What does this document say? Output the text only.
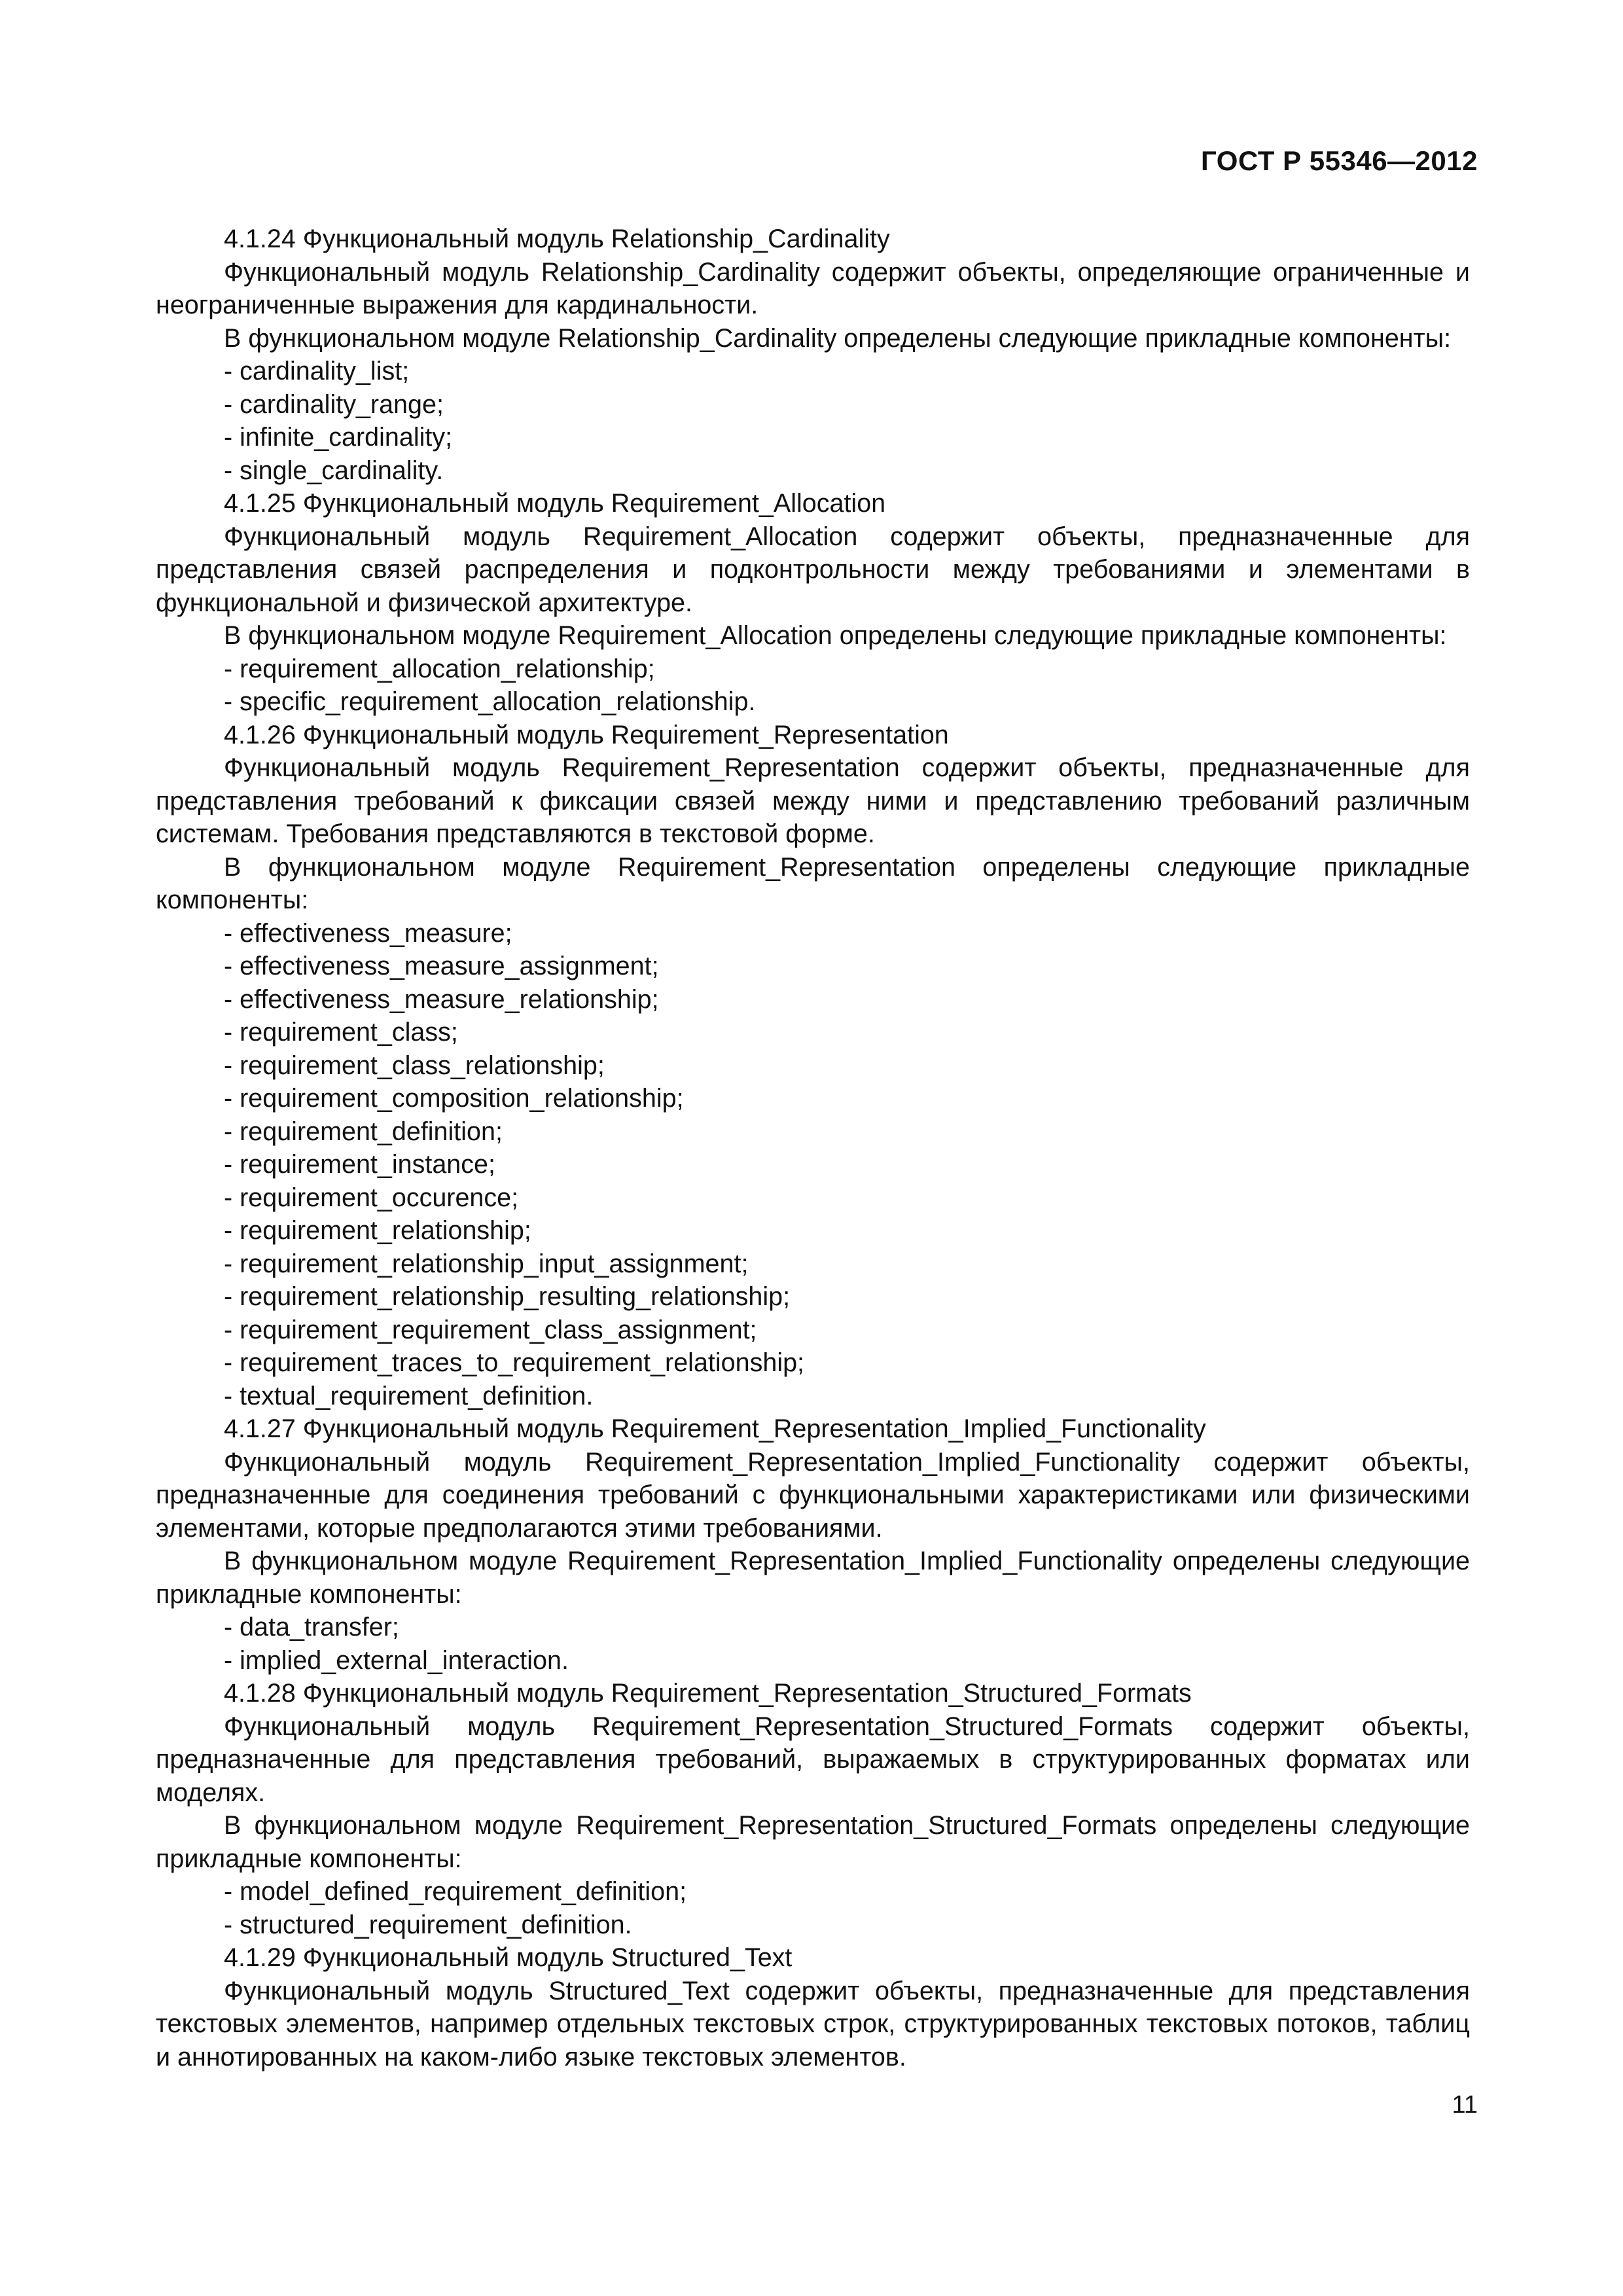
ГОСТ Р 55346—2012

4.1.24 Функциональный модуль Relationship_Cardinality

Функциональный модуль Relationship_Cardinality содержит объекты, определяющие ограниченные и неограниченные выражения для кардинальности.

В функциональном модуле Relationship_Cardinality определены следующие прикладные компоненты:

- cardinality_list;

- cardinality_range;

- infinite_cardinality;

- single_cardinality.

4.1.25 Функциональный модуль Requirement_Allocation

Функциональный модуль Requirement_Allocation содержит объекты, предназначенные для представления связей распределения и подконтрольности между требованиями и элементами в функциональной и физической архитектуре.

В функциональном модуле Requirement_Allocation определены следующие прикладные компоненты:

- requirement_allocation_relationship;

- specific_requirement_allocation_relationship.

4.1.26 Функциональный модуль Requirement_Representation

Функциональный модуль Requirement_Representation содержит объекты, предназначенные для представления требований к фиксации связей между ними и представлению требований различным системам. Требования представляются в текстовой форме.

В функциональном модуле Requirement_Representation определены следующие прикладные компоненты:

- effectiveness_measure;

- effectiveness_measure_assignment;

- effectiveness_measure_relationship;

- requirement_class;

- requirement_class_relationship;

- requirement_composition_relationship;

- requirement_definition;

- requirement_instance;

- requirement_occurence;

- requirement_relationship;

- requirement_relationship_input_assignment;

- requirement_relationship_resulting_relationship;

- requirement_requirement_class_assignment;

- requirement_traces_to_requirement_relationship;

- textual_requirement_definition.

4.1.27 Функциональный модуль Requirement_Representation_Implied_Functionality

Функциональный модуль Requirement_Representation_Implied_Functionality содержит объекты, предназначенные для соединения требований с функциональными характеристиками или физическими элементами, которые предполагаются этими требованиями.

В функциональном модуле Requirement_Representation_Implied_Functionality определены следующие прикладные компоненты:

- data_transfer;

- implied_external_interaction.

4.1.28 Функциональный модуль Requirement_Representation_Structured_Formats

Функциональный модуль Requirement_Representation_Structured_Formats содержит объекты, предназначенные для представления требований, выражаемых в структурированных форматах или моделях.

В функциональном модуле Requirement_Representation_Structured_Formats определены следующие прикладные компоненты:

- model_defined_requirement_definition;

- structured_requirement_definition.

4.1.29 Функциональный модуль Structured_Text

Функциональный модуль Structured_Text содержит объекты, предназначенные для представления текстовых элементов, например отдельных текстовых строк, структурированных текстовых потоков, таблиц и аннотированных на каком-либо языке текстовых элементов.

11
